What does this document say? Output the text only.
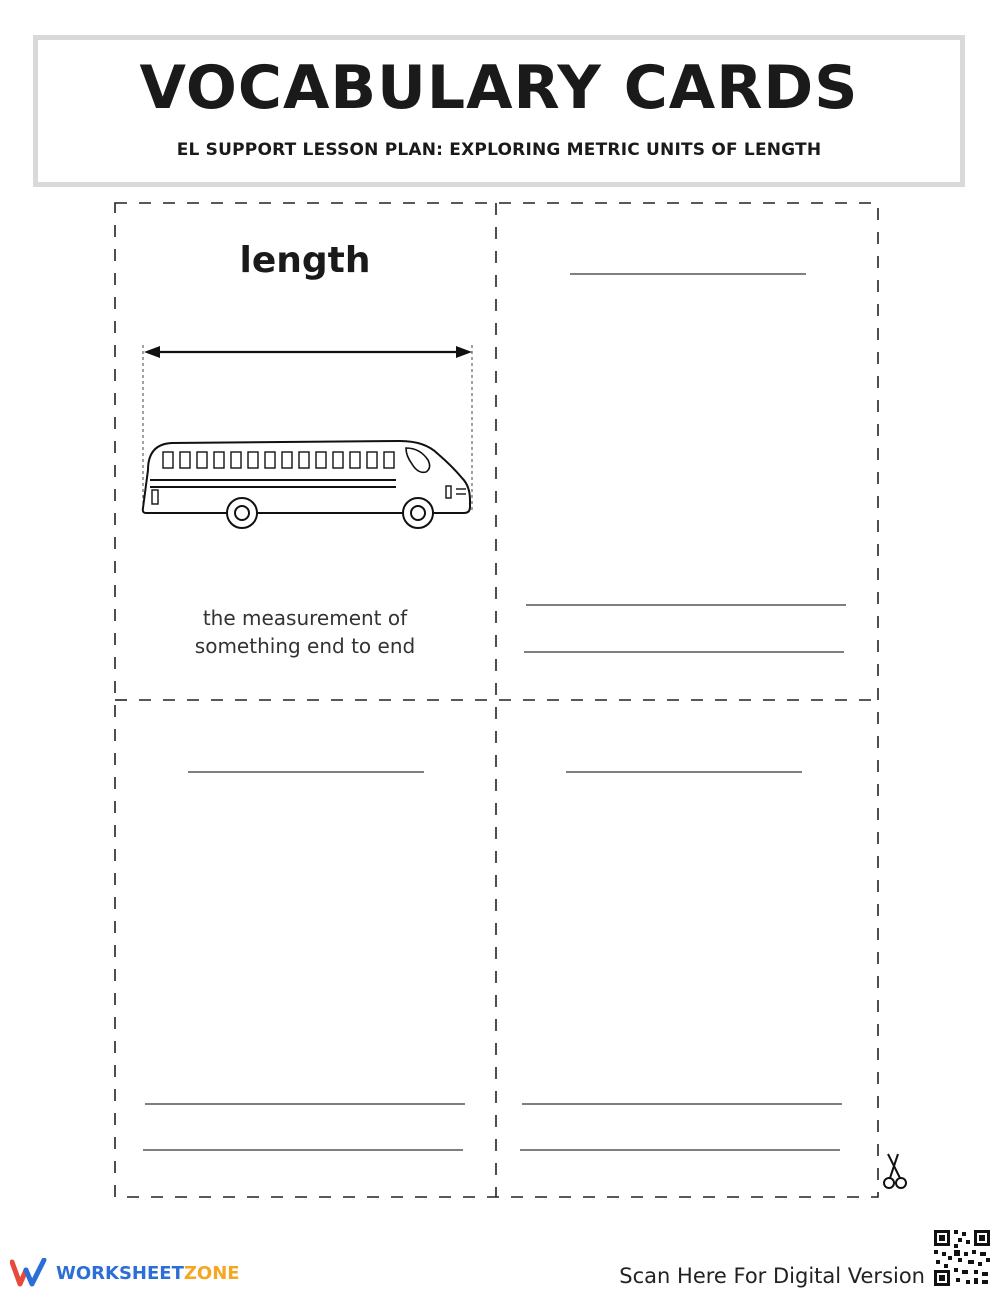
VOCABULARY CARDS
EL SUPPORT LESSON PLAN: EXPLORING METRIC UNITS OF LENGTH
length
the measurement of
something end to end
WORKSHEETZONE	Scan Here For Digital Version
